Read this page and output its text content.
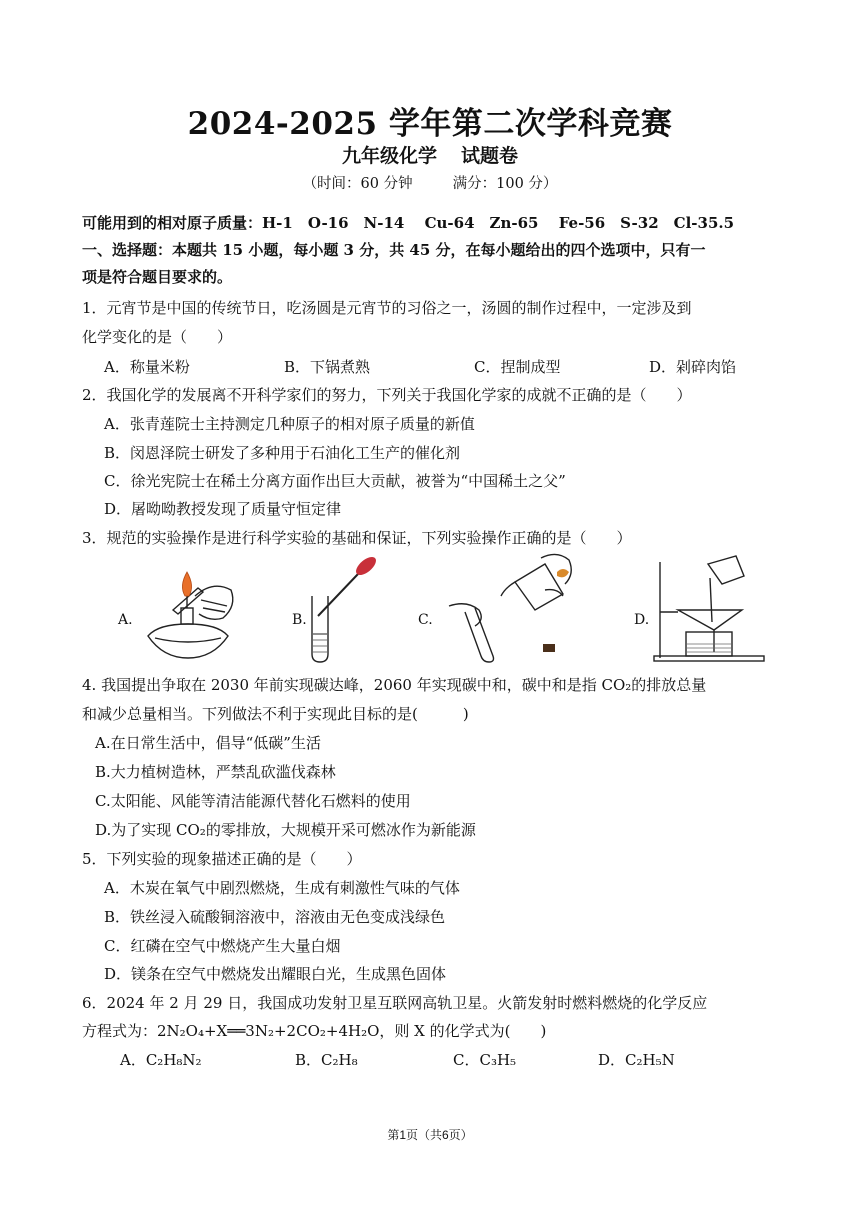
2024-2025 学年第二次学科竞赛
九年级化学 试题卷
（时间：60 分钟	满分：100 分）
可能用到的相对原子质量：H-1　O-16　N-14　 Cu-64　Zn-65　 Fe-56　S-32　Cl-35.5
一、选择题：本题共 15 小题，每小题 3 分，共 45 分，在每小题给出的四个选项中，只有一
项是符合题目要求的。
1．元宵节是中国的传统节日，吃汤圆是元宵节的习俗之一，汤圆的制作过程中，一定涉及到
化学变化的是（　　）
A．称量米粉	B．下锅煮熟	C．捏制成型	D．剁碎肉馅
2．我国化学的发展离不开科学家们的努力，下列关于我国化学家的成就不正确的是（　　）
A．张青莲院士主持测定几种原子的相对原子质量的新值
B．闵恩泽院士研发了多种用于石油化工生产的催化剂
C．徐光宪院士在稀土分离方面作出巨大贡献，被誉为“中国稀土之父”
D．屠呦呦教授发现了质量守恒定律
3．规范的实验操作是进行科学实验的基础和保证，下列实验操作正确的是（　　）
A.	B.	C.	D.
4. 我国提出争取在 2030 年前实现碳达峰，2060 年实现碳中和，碳中和是指 CO₂的排放总量
和减少总量相当。下列做法不利于实现此目标的是(　　　)
A.在日常生活中，倡导“低碳”生活
B.大力植树造林，严禁乱砍滥伐森林
C.太阳能、风能等清洁能源代替化石燃料的使用
D.为了实现 CO₂的零排放，大规模开采可燃冰作为新能源
5．下列实验的现象描述正确的是（　　）
A．木炭在氧气中剧烈燃烧，生成有刺激性气味的气体
B．铁丝浸入硫酸铜溶液中，溶液由无色变成浅绿色
C．红磷在空气中燃烧产生大量白烟
D．镁条在空气中燃烧发出耀眼白光，生成黑色固体
6．2024 年 2 月 29 日，我国成功发射卫星互联网高轨卫星。火箭发射时燃料燃烧的化学反应
方程式为：2N₂O₄+X══3N₂+2CO₂+4H₂O，则 X 的化学式为(　　)
A．C₂H₈N₂	B．C₂H₈	C．C₃H₅	D．C₂H₅N
第1页（共6页）
